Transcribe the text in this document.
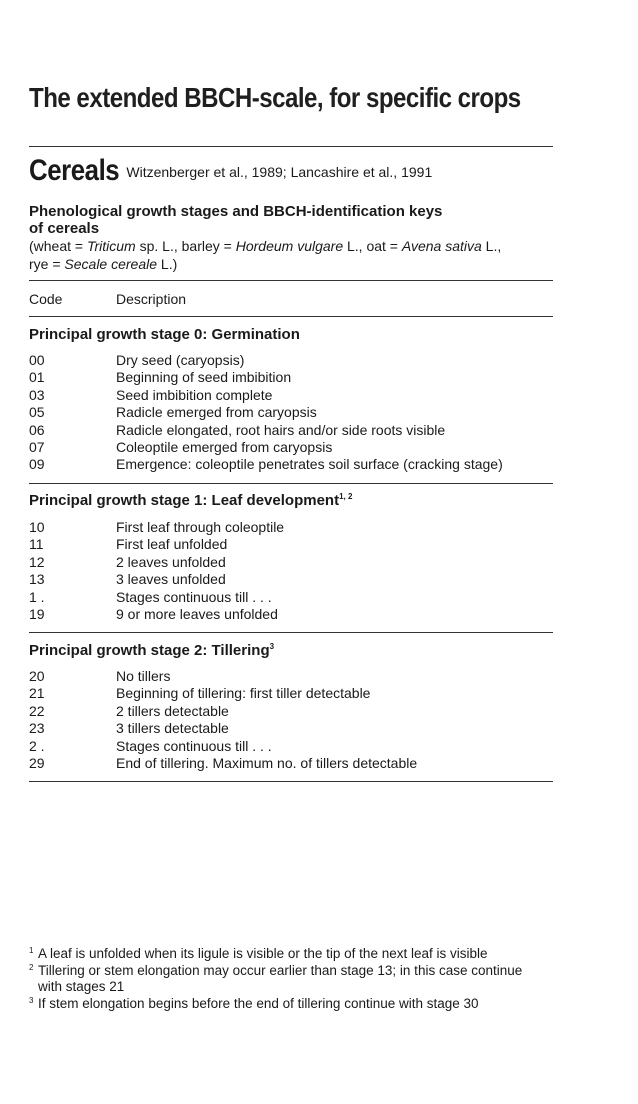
The extended BBCH-scale, for specific crops
Cereals Witzenberger et al., 1989; Lancashire et al., 1991
Phenological growth stages and BBCH-identification keys
of cereals
(wheat = Triticum sp. L., barley = Hordeum vulgare L., oat = Avena sativa L.,
rye = Secale cereale L.)
Code	Description
1 A leaf is unfolded when its ligule is visible or the tip of the next leaf is visible
2 Tillering or stem elongation may occur earlier than stage 13; in this case continue
with stages 21
3 If stem elongation begins before the end of tillering continue with stage 30
Principal growth stage 0: Germination
00	Dry seed (caryopsis)
01	Beginning of seed imbibition
03	Seed imbibition complete
05	Radicle emerged from caryopsis
06	Radicle elongated, root hairs and/or side roots visible
07	Coleoptile emerged from caryopsis
09	Emergence: coleoptile penetrates soil surface (cracking stage)
Principal growth stage 1: Leaf development$^{1, 2}$
10	First leaf through coleoptile
11	First leaf unfolded
12	2 leaves unfolded
13	3 leaves unfolded
1 .	Stages continuous till . . .
19	9 or more leaves unfolded
Principal growth stage 2: Tillering$^3$
20	No tillers
21	Beginning of tillering: first tiller detectable
22	2 tillers detectable
23	3 tillers detectable
2 .	Stages continuous till . . .
29	End of tillering. Maximum no. of tillers detectable
